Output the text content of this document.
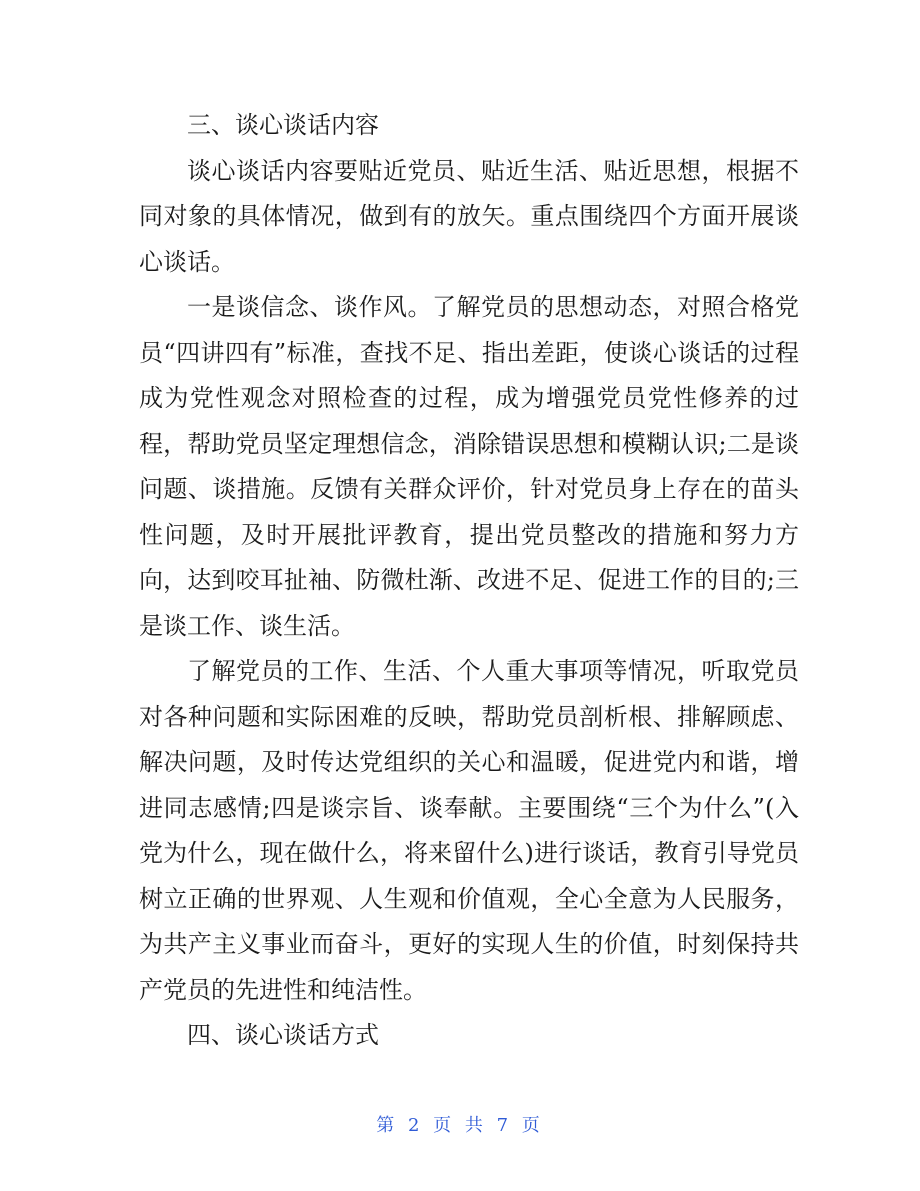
三、谈心谈话内容

谈心谈话内容要贴近党员、贴近生活、贴近思想，根据不同对象的具体情况，做到有的放矢。重点围绕四个方面开展谈心谈话。

一是谈信念、谈作风。了解党员的思想动态，对照合格党员“四讲四有”标准，查找不足、指出差距，使谈心谈话的过程成为党性观念对照检查的过程，成为增强党员党性修养的过程，帮助党员坚定理想信念，消除错误思想和模糊认识;二是谈问题、谈措施。反馈有关群众评价，针对党员身上存在的苗头性问题，及时开展批评教育，提出党员整改的措施和努力方向，达到咬耳扯袖、防微杜渐、改进不足、促进工作的目的;三是谈工作、谈生活。

了解党员的工作、生活、个人重大事项等情况，听取党员对各种问题和实际困难的反映，帮助党员剖析根、排解顾虑、解决问题，及时传达党组织的关心和温暖，促进党内和谐，增进同志感情;四是谈宗旨、谈奉献。主要围绕“三个为什么”(入党为什么，现在做什么，将来留什么)进行谈话，教育引导党员树立正确的世界观、人生观和价值观，全心全意为人民服务，为共产主义事业而奋斗，更好的实现人生的价值，时刻保持共产党员的先进性和纯洁性。

四、谈心谈话方式

第 2 页 共 7 页
